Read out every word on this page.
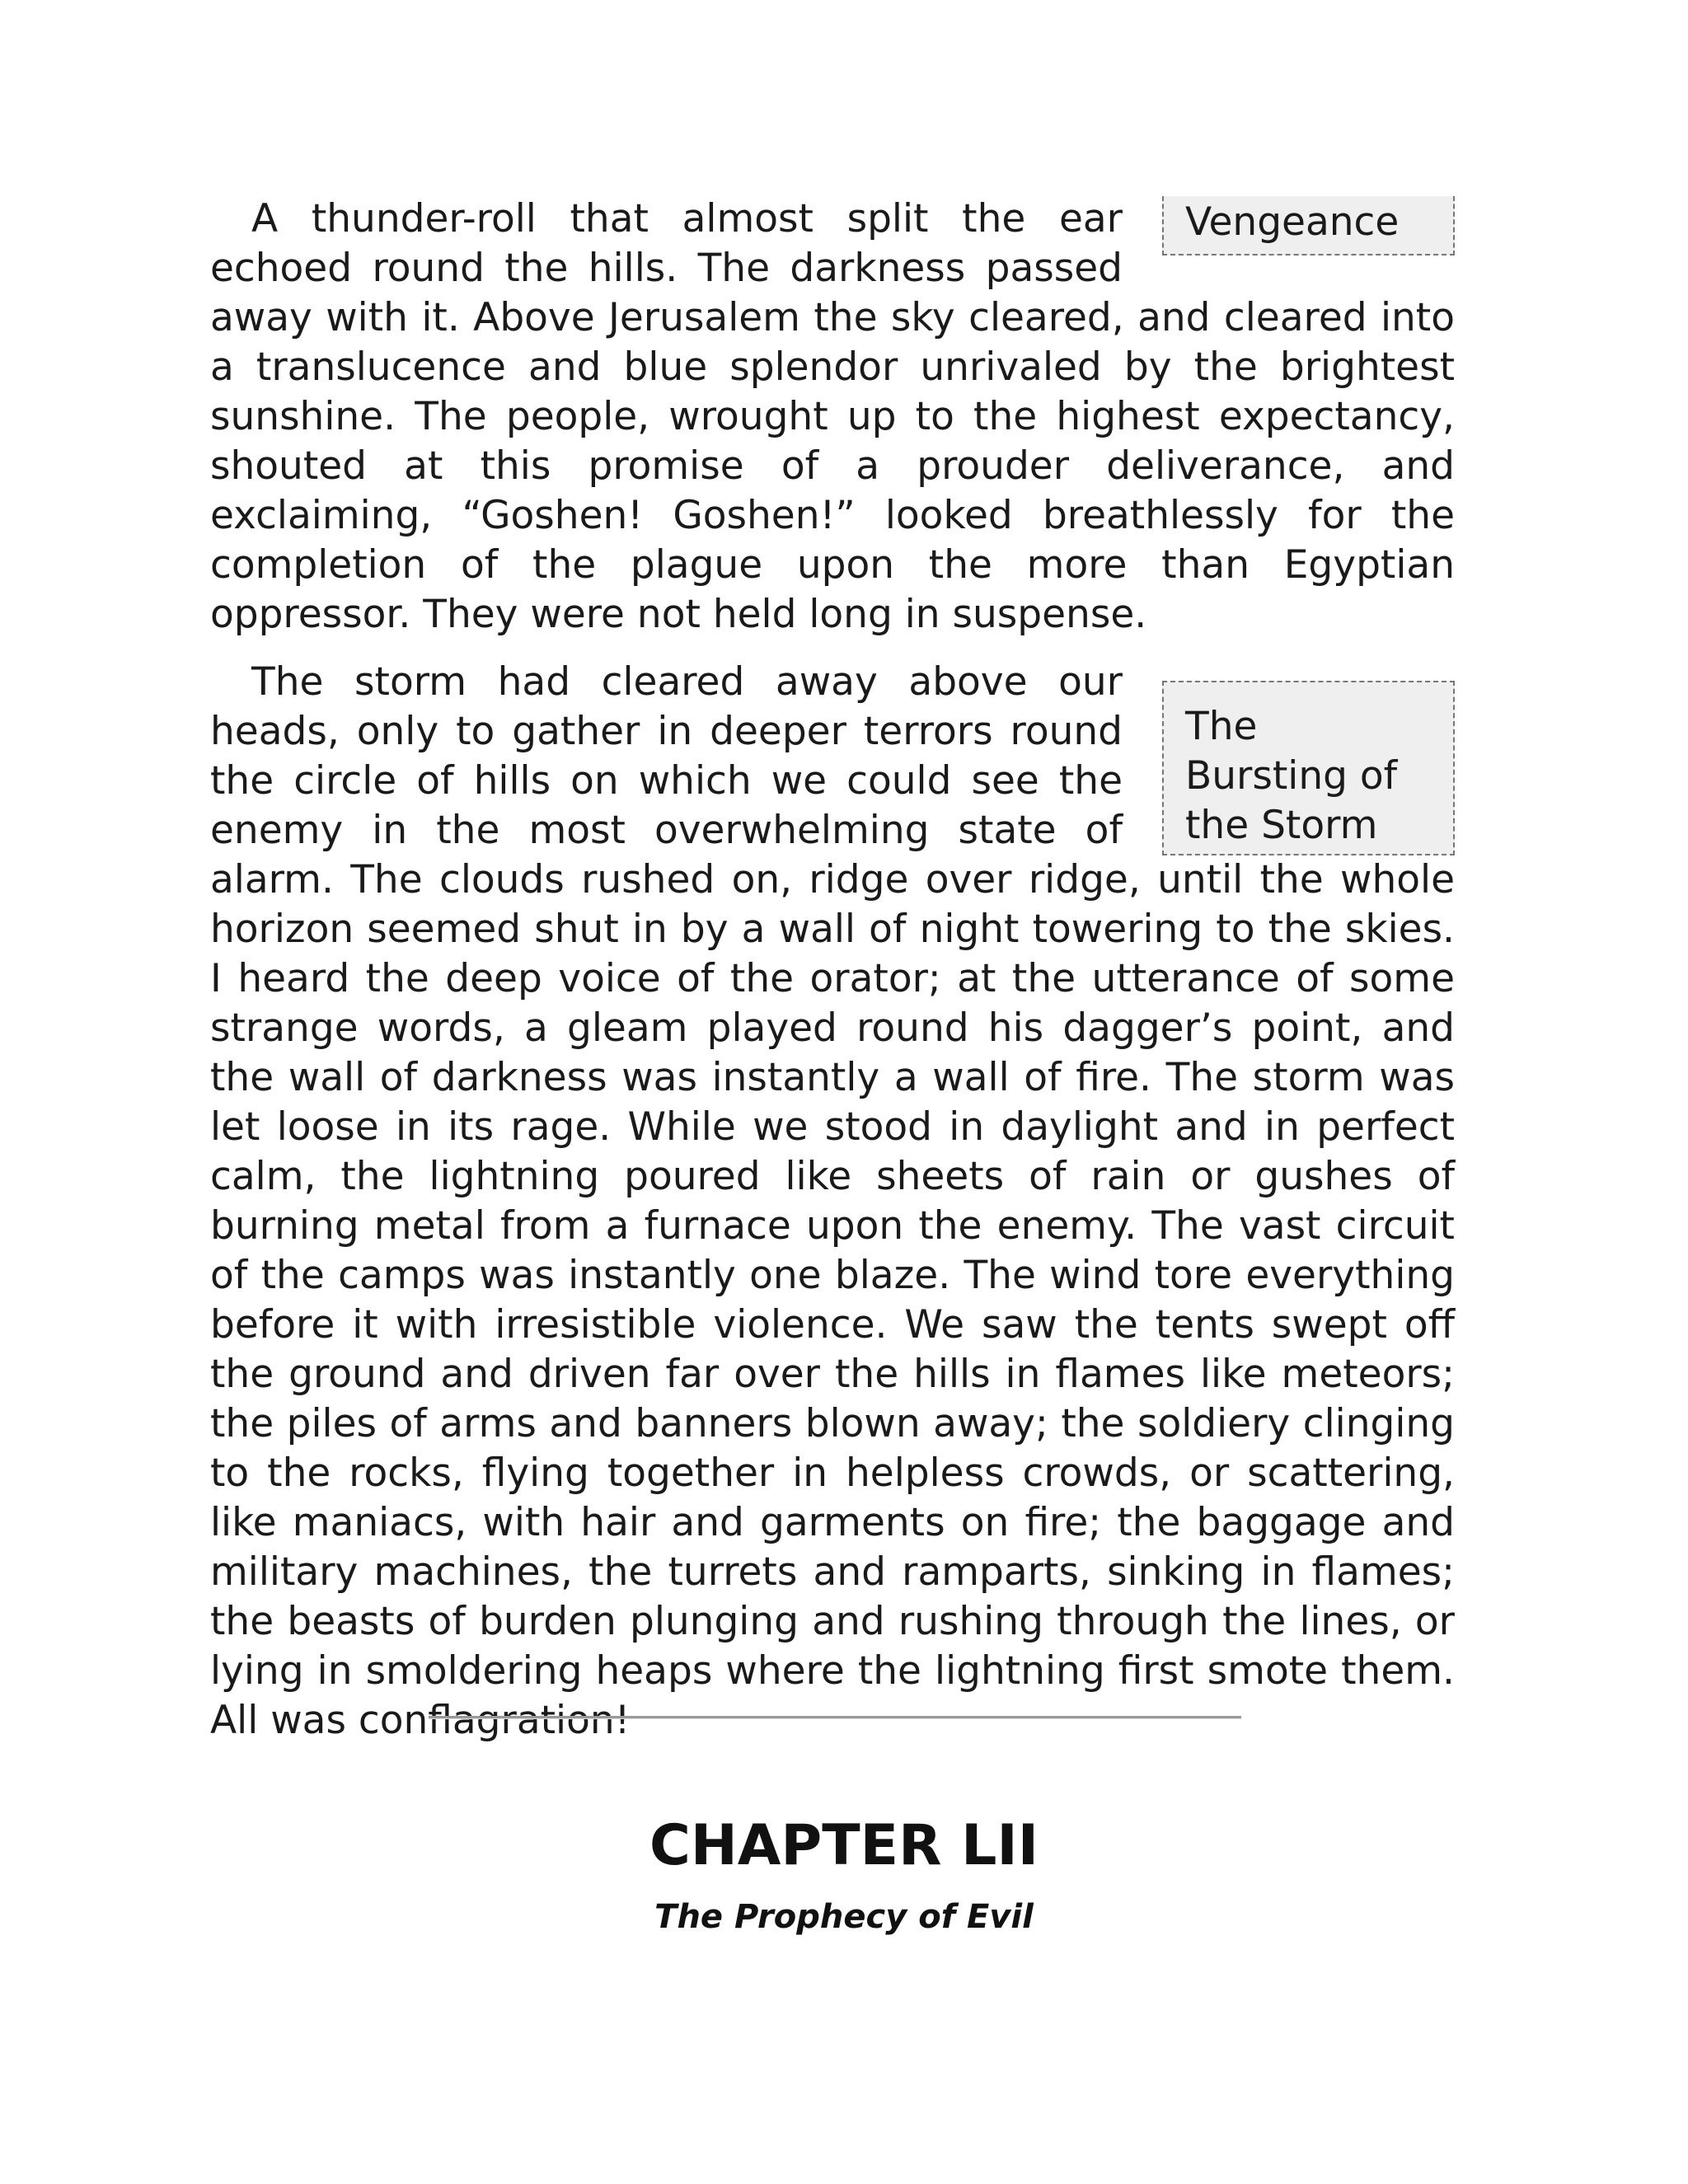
Vengeance
A thunder-roll that almost split the ear echoed round the hills. The darkness passed away with it. Above Jerusalem the sky cleared, and cleared into a translucence and blue splendor unrivaled by the brightest sunshine. The people, wrought up to the highest expectancy, shouted at this promise of a prouder deliverance, and exclaiming, “Goshen! Goshen!” looked breathlessly for the completion of the plague upon the more than Egyptian oppressor. They were not held long in suspense.

The Bursting of the Storm
The storm had cleared away above our heads, only to gather in deeper terrors round the circle of hills on which we could see the enemy in the most overwhelming state of alarm. The clouds rushed on, ridge over ridge, until the whole horizon seemed shut in by a wall of night towering to the skies. I heard the deep voice of the orator; at the utterance of some strange words, a gleam played round his dagger’s point, and the wall of darkness was instantly a wall of fire. The storm was let loose in its rage. While we stood in daylight and in perfect calm, the lightning poured like sheets of rain or gushes of burning metal from a furnace upon the enemy. The vast circuit of the camps was instantly one blaze. The wind tore everything before it with irresistible violence. We saw the tents swept off the ground and driven far over the hills in flames like meteors; the piles of arms and banners blown away; the soldiery clinging to the rocks, flying together in helpless crowds, or scattering, like maniacs, with hair and garments on fire; the baggage and military machines, the turrets and ramparts, sinking in flames; the beasts of burden plunging and rushing through the lines, or lying in smoldering heaps where the lightning first smote them. All was conflagration!

CHAPTER LII
The Prophecy of Evil
